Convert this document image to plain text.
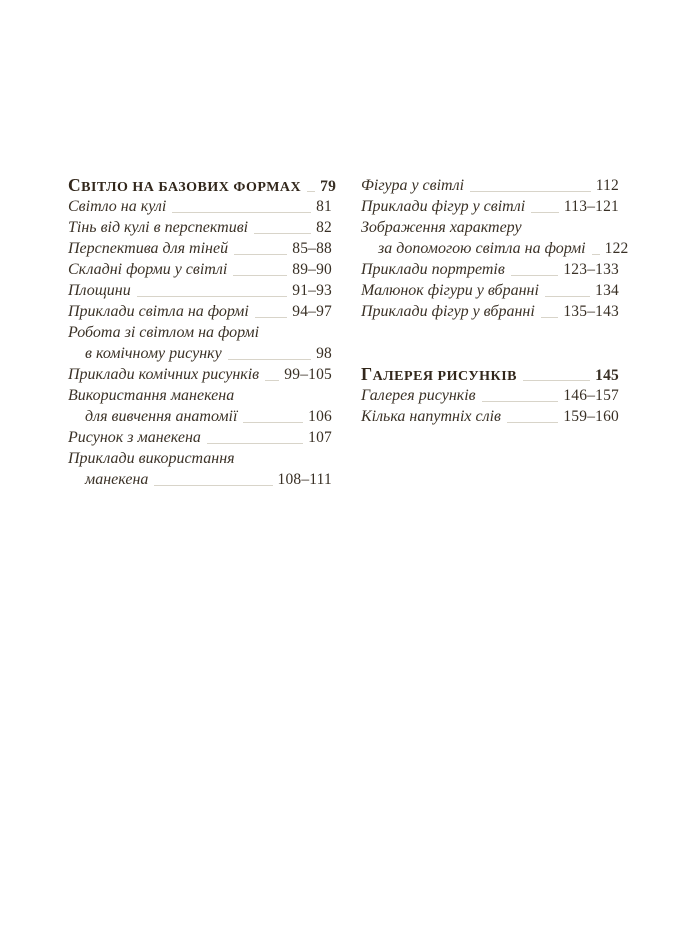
СВІТЛО НА БАЗОВИХ ФОРМАХ 79
Світло на кулі	81
Тінь від кулі в перспективі	82
Перспектива для тіней	85–88
Складні форми у світлі	89–90
Площини	91–93
Приклади світла на формі	94–97
Робота зі світлом на формі
в комічному рисунку	98
Приклади комічних рисунків 99–105
Використання манекена
для вивчення анатомії	106
Рисунок з манекена	107
Приклади використання
манекена	108–111
Фігура у світлі	112
Приклади фігур у світлі	113–121
Зображення характеру
за допомогою світла на формі 122
Приклади портретів	123–133
Малюнок фігури у вбранні	134
Приклади фігур у вбранні 135–143
ГАЛЕРЕЯ РИСУНКІВ	145
Галерея рисунків	146–157
Кілька напутніх слів	159–160
